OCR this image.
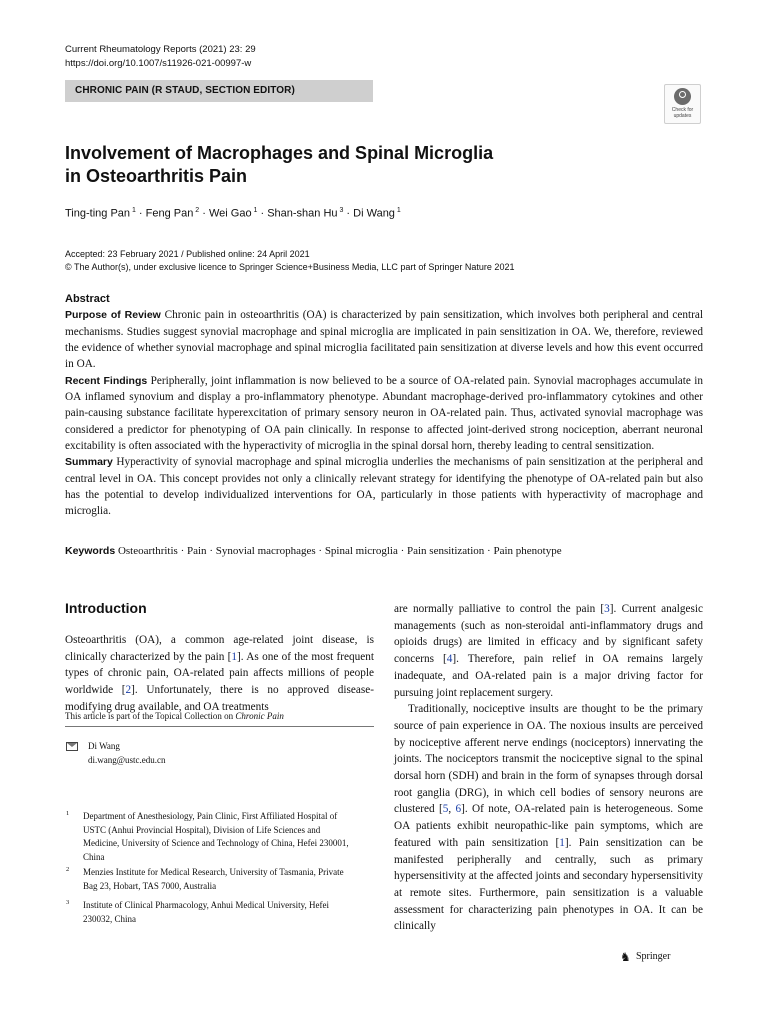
Current Rheumatology Reports (2021) 23: 29
https://doi.org/10.1007/s11926-021-00997-w
CHRONIC PAIN (R STAUD, SECTION EDITOR)
Check for
updates
Involvement of Macrophages and Spinal Microglia
in Osteoarthritis Pain
Ting-ting Pan $^1$ · Feng Pan $^2$ · Wei Gao $^1$ · Shan-shan Hu $^3$ · Di Wang $^1$
Accepted: 23 February 2021 / Published online: 24 April 2021
© The Author(s), under exclusive licence to Springer Science+Business Media, LLC part of Springer Nature 2021
Abstract
Purpose of Review Chronic pain in osteoarthritis (OA) is characterized by pain sensitization, which involves both peripheral and central mechanisms. Studies suggest synovial macrophage and spinal microglia are implicated in pain sensitization in OA. We, therefore, reviewed the evidence of whether synovial macrophage and spinal microglia facilitated pain sensitization at diverse levels and how this event occurred in OA.
Recent Findings Peripherally, joint inflammation is now believed to be a source of OA-related pain. Synovial macrophages accumulate in OA inflamed synovium and display a pro-inflammatory phenotype. Abundant macrophage-derived pro-inflammatory cytokines and other pain-causing substance facilitate hyperexcitation of primary sensory neuron in OA-related pain. Thus, activated synovial macrophage was considered a predictor for phenotyping of OA pain clinically. In response to affected joint-derived strong nociception, aberrant neuronal excitability is often associated with the hyperactivity of microglia in the spinal dorsal horn, thereby leading to central sensitization.
Summary Hyperactivity of synovial macrophage and spinal microglia underlies the mechanisms of pain sensitization at the peripheral and central level in OA. This concept provides not only a clinically relevant strategy for identifying the phenotype of OA-related pain but also has the potential to develop individualized interventions for OA, particularly in those patients with hyperactivity of macrophage and microglia.
Keywords Osteoarthritis · Pain · Synovial macrophages · Spinal microglia · Pain sensitization · Pain phenotype
Introduction

Osteoarthritis (OA), a common age-related joint disease, is clinically characterized by the pain [1]. As one of the most frequent types of chronic pain, OA-related pain affects millions of people worldwide [2]. Unfortunately, there is no approved disease-modifying drug available, and OA treatments

This article is part of the Topical Collection on Chronic Pain
Di Wang
di.wang@ustc.edu.cn
1 Department of Anesthesiology, Pain Clinic, First Affiliated Hospital of USTC (Anhui Provincial Hospital), Division of Life Sciences and Medicine, University of Science and Technology of China, Hefei 230001, China
2 Menzies Institute for Medical Research, University of Tasmania, Private Bag 23, Hobart, TAS 7000, Australia
3 Institute of Clinical Pharmacology, Anhui Medical University, Hefei 230032, China

are normally palliative to control the pain [3]. Current analgesic managements (such as non-steroidal anti-inflammatory drugs and opioids drugs) are limited in efficacy and by significant safety concerns [4]. Therefore, pain relief in OA remains largely inadequate, and OA-related pain is a major driving factor for pursuing joint replacement surgery.

Traditionally, nociceptive insults are thought to be the primary source of pain experience in OA. The noxious insults are perceived by nociceptive afferent nerve endings (nociceptors) innervating the joints. The nociceptors transmit the nociceptive signal to the spinal dorsal horn (SDH) and brain in the form of synapses through dorsal root ganglia (DRG), in which cell bodies of sensory neurons are clustered [5, 6]. Of note, OA-related pain is heterogeneous. Some OA patients exhibit neuropathic-like pain symptoms, which are featured with pain sensitization [1]. Pain sensitization can be manifested peripherally and centrally, such as primary hypersensitivity at the affected joints and secondary hypersensitivity at remote sites. Furthermore, pain sensitization is a valuable assessment for characterizing pain phenotypes in OA. It can be clinically

♞ Springer
